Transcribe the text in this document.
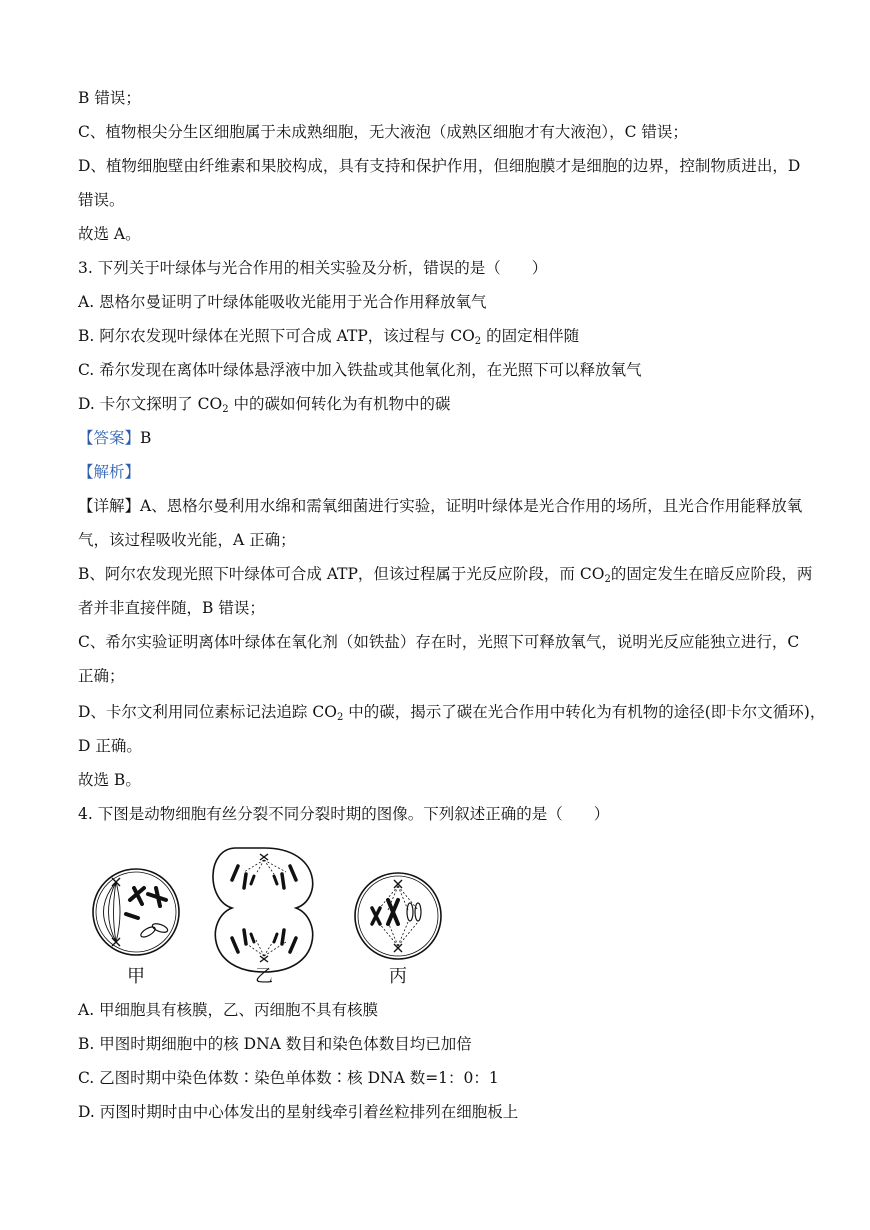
B 错误；
C、植物根尖分生区细胞属于未成熟细胞，无大液泡（成熟区细胞才有大液泡），C 错误；
D、植物细胞壁由纤维素和果胶构成，具有支持和保护作用，但细胞膜才是细胞的边界，控制物质进出，D
错误。
故选 A。
3. 下列关于叶绿体与光合作用的相关实验及分析，错误的是（　　）
A. 恩格尔曼证明了叶绿体能吸收光能用于光合作用释放氧气
B. 阿尔农发现叶绿体在光照下可合成 ATP，该过程与 $CO_2$ 的固定相伴随
C. 希尔发现在离体叶绿体悬浮液中加入铁盐或其他氧化剂，在光照下可以释放氧气
D. 卡尔文探明了 $CO_2$ 中的碳如何转化为有机物中的碳
【答案】B
【解析】
【详解】A、恩格尔曼利用水绵和需氧细菌进行实验，证明叶绿体是光合作用的场所，且光合作用能释放氧
气，该过程吸收光能，A 正确；
B、阿尔农发现光照下叶绿体可合成 ATP，但该过程属于光反应阶段，而 $CO_2$的固定发生在暗反应阶段，两
者并非直接伴随，B 错误；
C、希尔实验证明离体叶绿体在氧化剂（如铁盐）存在时，光照下可释放氧气，说明光反应能独立进行，C
正确；
D、卡尔文利用同位素标记法追踪 $CO_2$ 中的碳，揭示了碳在光合作用中转化为有机物的途径(即卡尔文循环)，
D 正确。
故选 B。
4. 下图是动物细胞有丝分裂不同分裂时期的图像。下列叙述正确的是（　　）
甲	乙	丙
A. 甲细胞具有核膜，乙、丙细胞不具有核膜
B. 甲图时期细胞中的核 DNA 数目和染色体数目均已加倍
C. 乙图时期中染色体数∶染色单体数∶核 DNA 数=1：0：1
D. 丙图时期时由中心体发出的星射线牵引着丝粒排列在细胞板上
